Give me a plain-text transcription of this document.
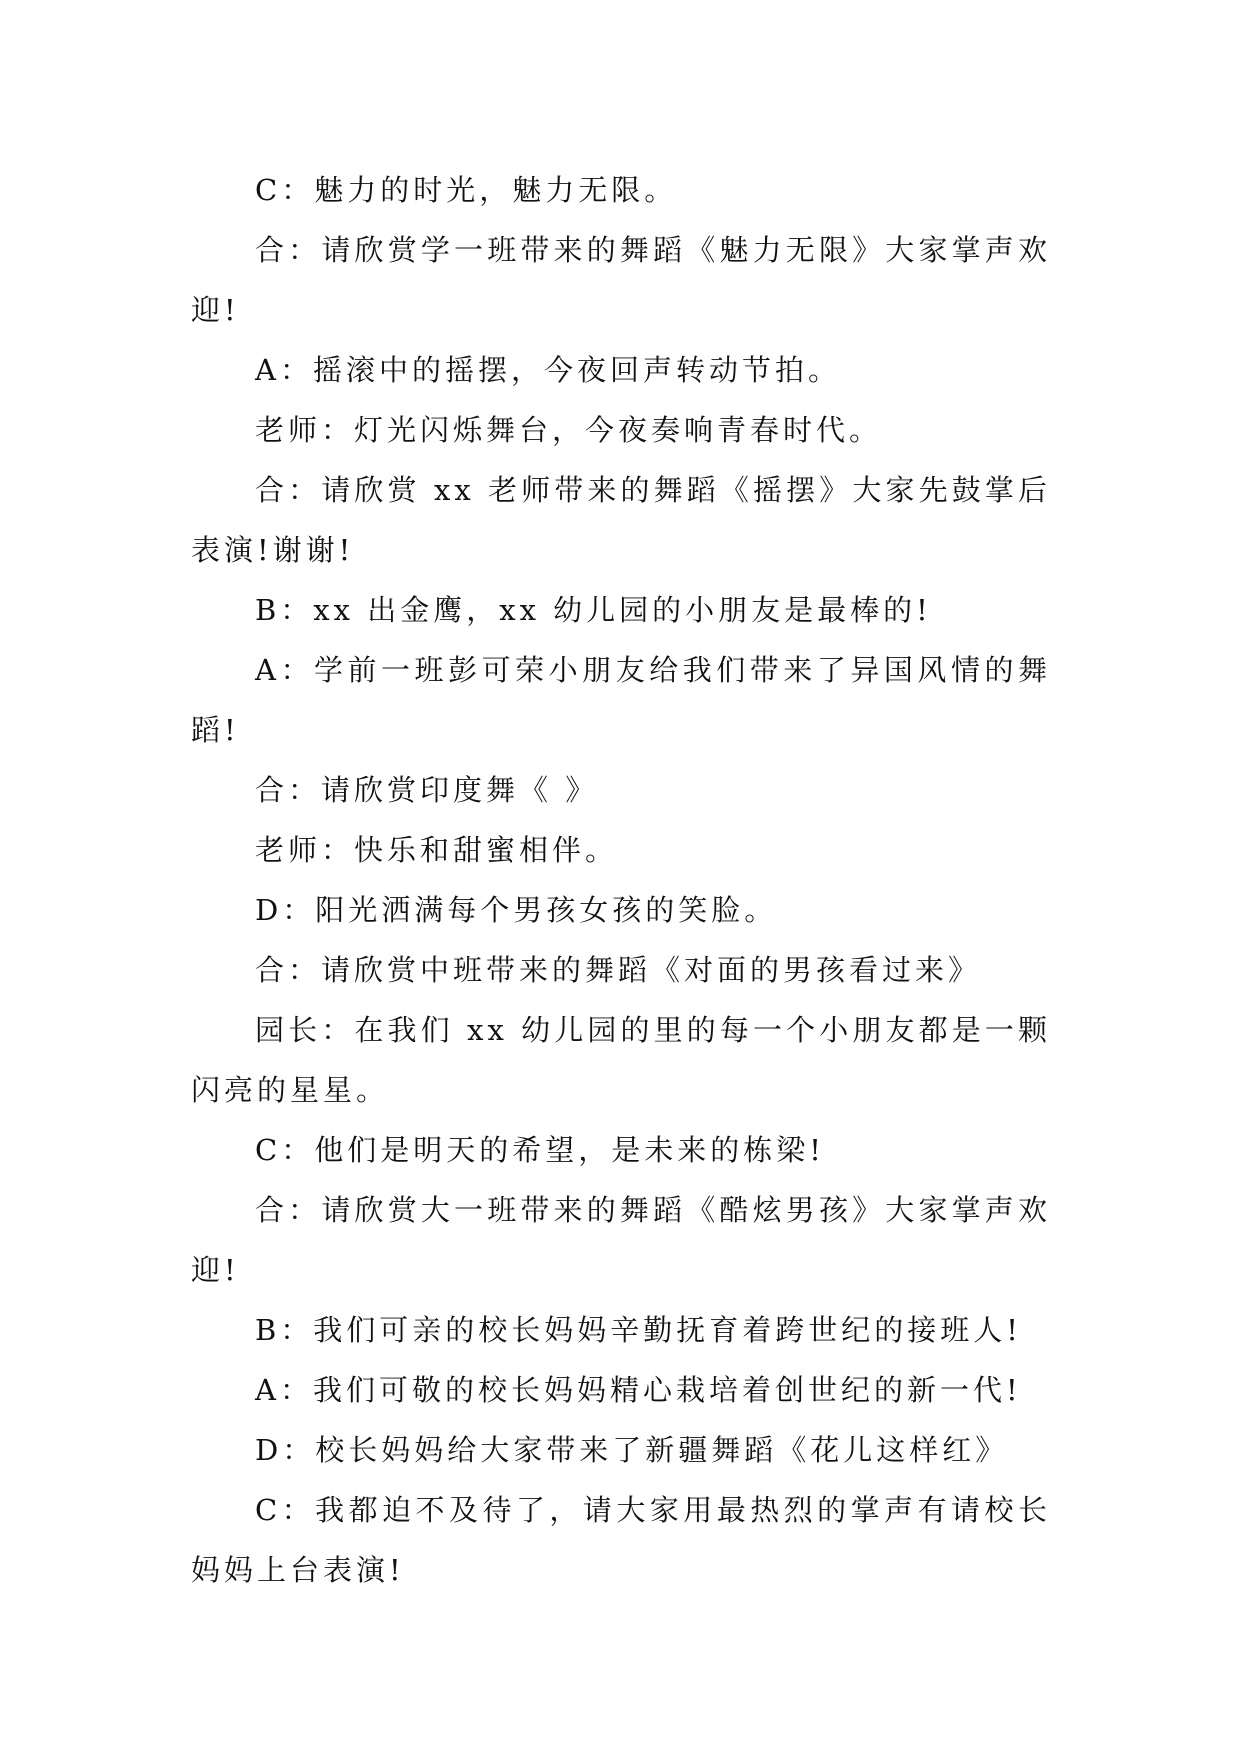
C：魅力的时光，魅力无限。

合：请欣赏学一班带来的舞蹈《魅力无限》大家掌声欢迎!

A：摇滚中的摇摆，今夜回声转动节拍。

老师：灯光闪烁舞台，今夜奏响青春时代。

合：请欣赏 xx 老师带来的舞蹈《摇摆》大家先鼓掌后表演!谢谢!

B：xx 出金鹰，xx 幼儿园的小朋友是最棒的!

A：学前一班彭可荣小朋友给我们带来了异国风情的舞蹈!

合：请欣赏印度舞《 》

老师：快乐和甜蜜相伴。

D：阳光洒满每个男孩女孩的笑脸。

合：请欣赏中班带来的舞蹈《对面的男孩看过来》

园长：在我们 xx 幼儿园的里的每一个小朋友都是一颗闪亮的星星。

C：他们是明天的希望，是未来的栋梁!

合：请欣赏大一班带来的舞蹈《酷炫男孩》大家掌声欢迎!

B：我们可亲的校长妈妈辛勤抚育着跨世纪的接班人!

A：我们可敬的校长妈妈精心栽培着创世纪的新一代!

D：校长妈妈给大家带来了新疆舞蹈《花儿这样红》

C：我都迫不及待了，请大家用最热烈的掌声有请校长妈妈上台表演!
